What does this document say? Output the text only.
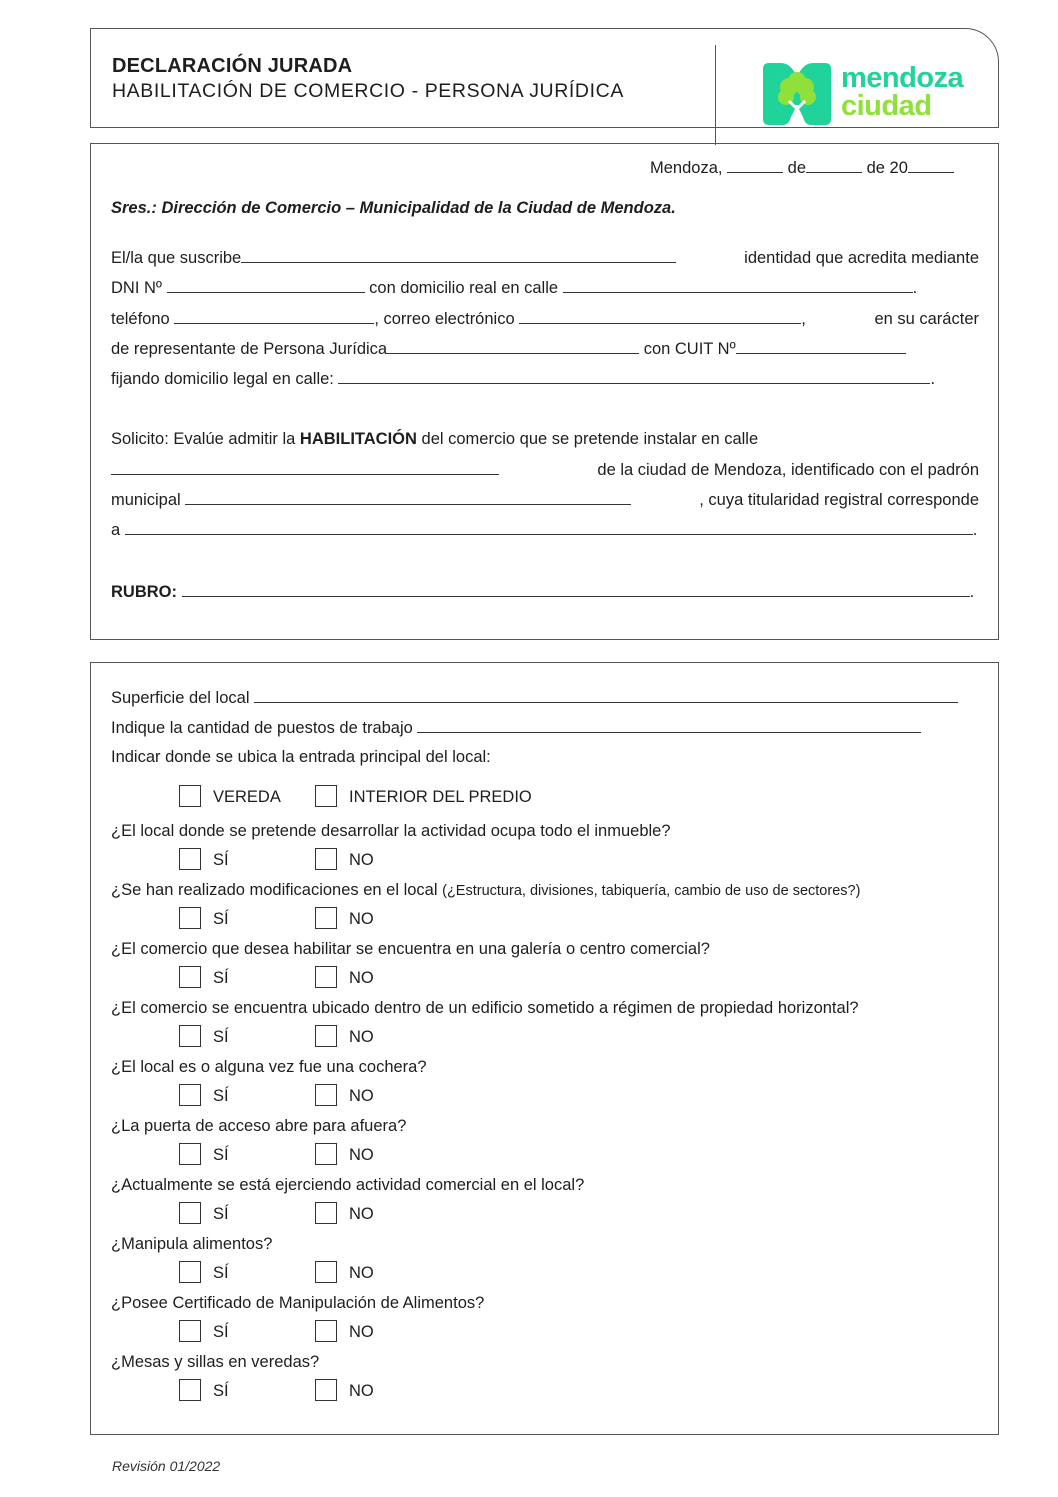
DECLARACIÓN JURADA
HABILITACIÓN DE COMERCIO - PERSONA JURÍDICA	mendoza
ciudad
Mendoza,	de	de 20
Sres.: Dirección de Comercio – Municipalidad de la Ciudad de Mendoza.
El/la que suscribe	identidad que acredita mediante
DNI Nº	con domicilio real en calle	.
teléfono	, correo electrónico	,	en su carácter
de representante de Persona Jurídica	con CUIT Nº
fijando domicilio legal en calle:	.
Solicito: Evalúe admitir la HABILITACIÓN del comercio que se pretende instalar en calle
de la ciudad de Mendoza, identificado con el padrón
municipal	, cuya titularidad registral corresponde
a	.
RUBRO:	.
Superficie del local
Indique la cantidad de puestos de trabajo
Indicar donde se ubica la entrada principal del local:
VEREDA	INTERIOR DEL PREDIO
¿El local donde se pretende desarrollar la actividad ocupa todo el inmueble?
SÍ	NO
¿Se han realizado modificaciones en el local (¿Estructura, divisiones, tabiquería, cambio de uso de sectores?)
SÍ	NO
¿El comercio que desea habilitar se encuentra en una galería o centro comercial?
SÍ	NO
¿El comercio se encuentra ubicado dentro de un edificio sometido a régimen de propiedad horizontal?
SÍ	NO
¿El local es o alguna vez fue una cochera?
SÍ	NO
¿La puerta de acceso abre para afuera?
SÍ	NO
¿Actualmente se está ejerciendo actividad comercial en el local?
SÍ	NO
¿Manipula alimentos?
SÍ	NO
¿Posee Certificado de Manipulación de Alimentos?
SÍ	NO
¿Mesas y sillas en veredas?
SÍ	NO
Revisión 01/2022
